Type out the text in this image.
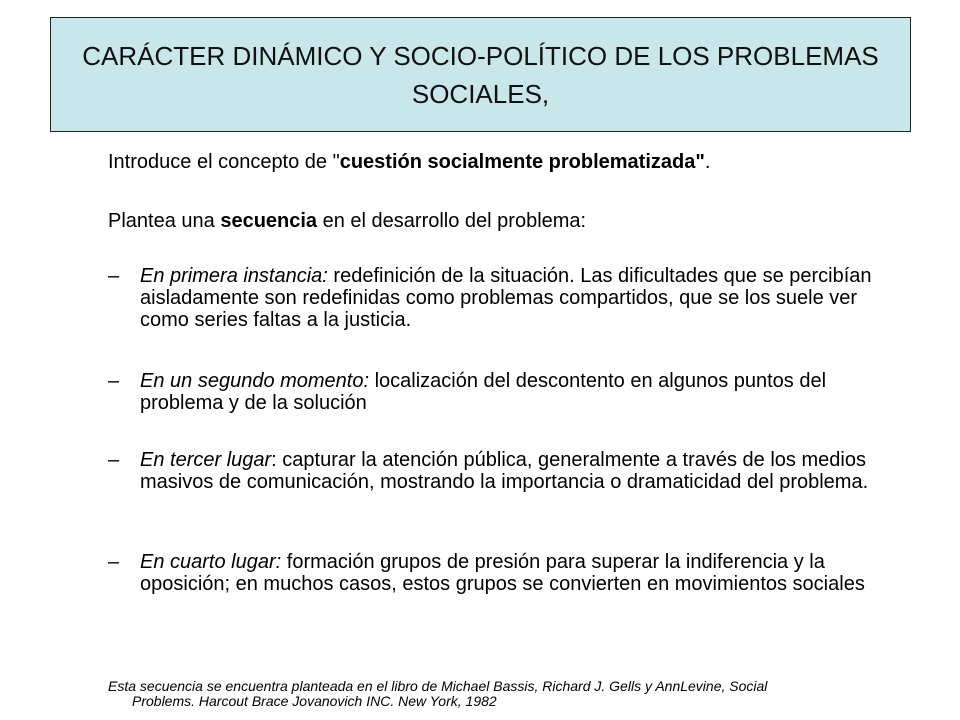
CARÁCTER DINÁMICO Y SOCIO-POLÍTICO DE LOS PROBLEMAS SOCIALES,

Introduce el concepto de "cuestión socialmente problematizada".

Plantea una secuencia en el desarrollo del problema:

–	En primera instancia: redefinición de la situación. Las dificultades que se percibían aisladamente son redefinidas como problemas compartidos, que se los suele ver como series faltas a la justicia.
–	En un segundo momento: localización del descontento en algunos puntos del problema y de la solución
–	En tercer lugar: capturar la atención pública, generalmente a través de los medios masivos de comunicación, mostrando la importancia o dramaticidad del problema.
–	En cuarto lugar: formación grupos de presión para superar la indiferencia y la oposición; en muchos casos, estos grupos se convierten en movimientos sociales
Esta secuencia se encuentra planteada en el libro de Michael Bassis, Richard J. Gells y AnnLevine, Social
Problems. Harcout Brace Jovanovich INC. New York, 1982
